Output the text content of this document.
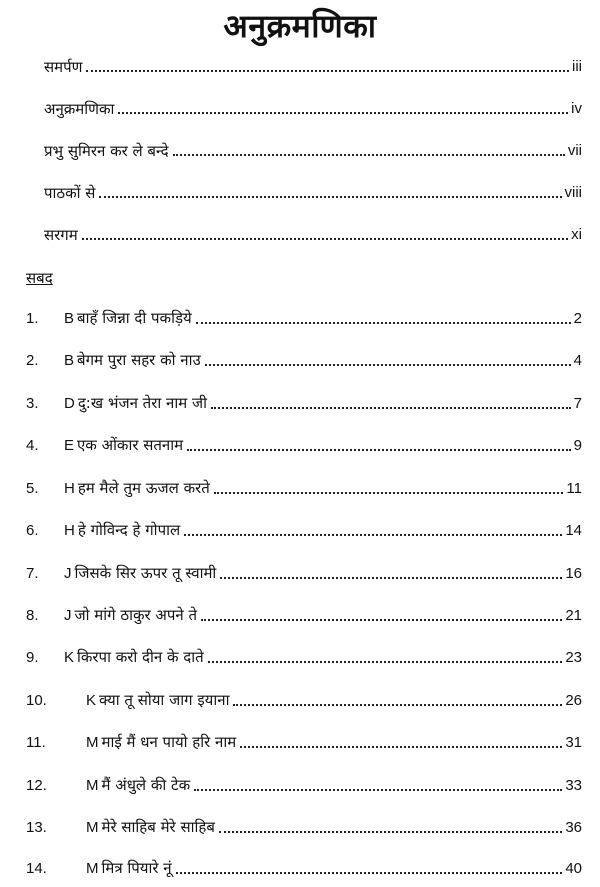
अनुक्रमणिका
समर्पण	iii
अनुक्रमणिका	iv
प्रभु सुमिरन कर ले बन्दे	vii
पाठकों से	viii
सरगम	xi
सबद
1. B बाहँ जिन्ना दी पकड़िये	2
2. B बेगम पुरा सहर को नाउ	4
3. D दु:ख भंजन तेरा नाम जी	7
4. E एक ओंकार सतनाम	9
5. H हम मैले तुम ऊजल करते	11
6. H हे गोविन्द हे गोपाल	14
7. J जिसके सिर ऊपर तू स्वामी	16
8. J जो मांगे ठाकुर अपने ते	21
9. K किरपा करो दीन के दाते	23
10.	K क्या तू सोया जाग इयाना	26
11.	M माई मैं धन पायो हरि नाम	31
12.	M मैं अंधुले की टेक	33
13.	M मेरे साहिब मेरे साहिब	36
14.	M मित्र पियारे नूं	40
